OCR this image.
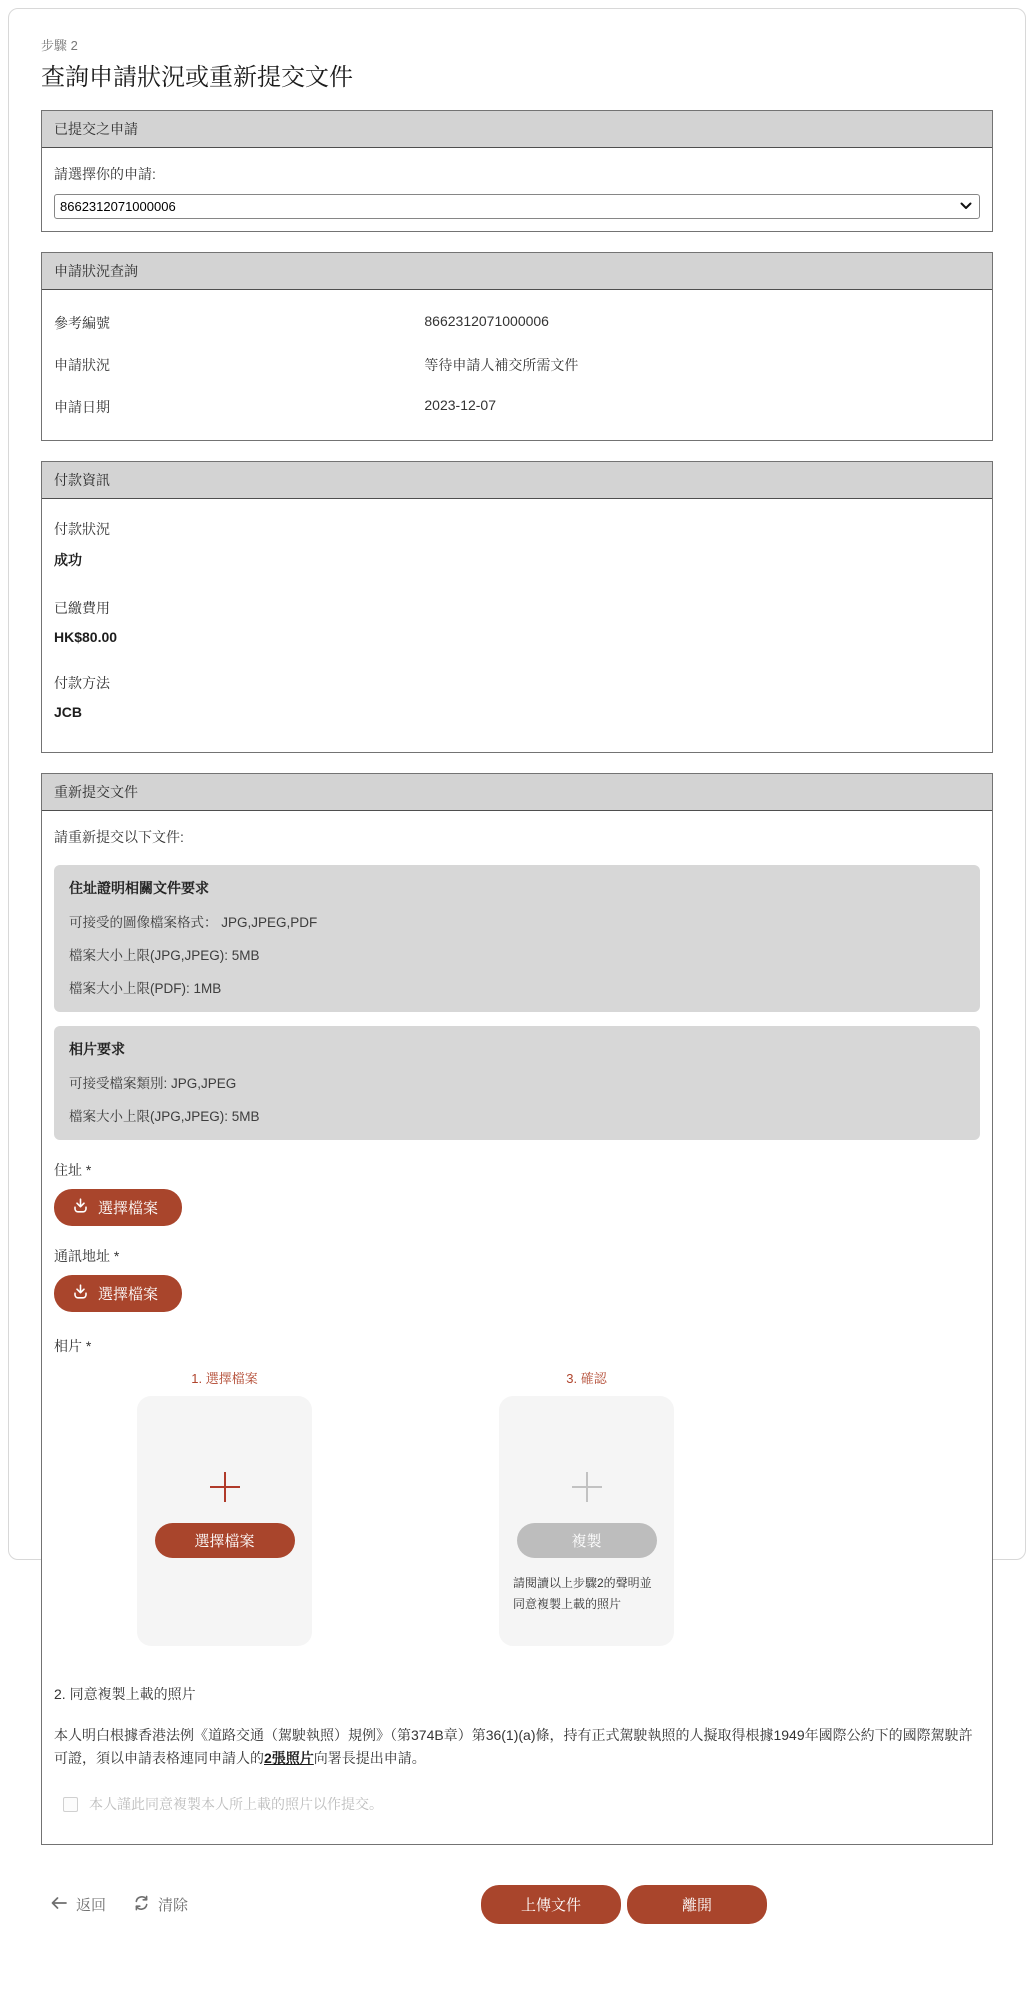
步驟 2
查詢申請狀況或重新提交文件
已提交之申請
請選擇你的申請:
8662312071000006
申請狀況查詢
參考編號	8662312071000006
申請狀況	等待申請人補交所需文件
申請日期	2023-12-07
付款資訊
付款狀況
成功
已繳費用
HK$80.00
付款方法
JCB
重新提交文件
請重新提交以下文件:
住址證明相關文件要求
可接受的圖像檔案格式： JPG,JPEG,PDF
檔案大小上限(JPG,JPEG): 5MB
檔案大小上限(PDF): 1MB
相片要求
可接受檔案類別: JPG,JPEG
檔案大小上限(JPG,JPEG): 5MB
住址 *
選擇檔案
通訊地址 *
選擇檔案
相片 *
1. 選擇檔案
選擇檔案
3. 確認
複製
請閱讀以上步驟2的聲明並同意複製上載的照片
2. 同意複製上載的照片

本人明白根據香港法例《道路交通（駕駛執照）規例》（第374B章）第36(1)(a)條，持有正式駕駛執照的人擬取得根據1949年國際公約下的國際駕駛許可證，須以申請表格連同申請人的2張照片向署長提出申請。

本人謹此同意複製本人所上載的照片以作提交。
返回	清除	上傳文件	離開
